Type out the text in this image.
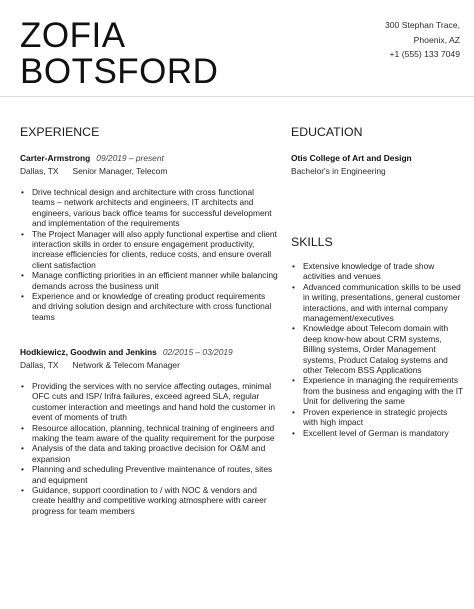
ZOFIA
BOTSFORD
300 Stephan Trace,
Phoenix, AZ
+1 (555) 133 7049
EXPERIENCE
Carter-Armstrong 09/2019 – present
Dallas, TX Senior Manager, Telecom
• Drive technical design and architecture with cross functional teams – network architects and engineers, IT architects and engineers, various back office teams for successful development and implementation of the requirements
• The Project Manager will also apply functional expertise and client interaction skills in order to ensure engagement productivity, increase efficiencies for clients, reduce costs, and ensure overall client satisfaction
• Manage conflicting priorities in an efficient manner while balancing demands across the business unit
• Experience and or knowledge of creating product requirements and driving solution design and architecture with cross functional teams
Hodkiewicz, Goodwin and Jenkins 02/2015 – 03/2019
Dallas, TX Network & Telecom Manager
• Providing the services with no service affecting outages, minimal OFC cuts and ISP/ Infra failures, exceed agreed SLA, regular customer interaction and meetings and hand hold the customer in event of moments of truth
• Resource allocation, planning, technical training of engineers and making the team aware of the quality requirement for the purpose
• Analysis of the data and taking proactive decision for O&M and expansion
• Planning and scheduling Preventive maintenance of routes, sites and equipment
• Guidance, support coordination to / with NOC & vendors and create healthy and competitive working atmosphere with career progress for team members
EDUCATION
Otis College of Art and Design
Bachelor's in Engineering
SKILLS
• Extensive knowledge of trade show activities and venues
• Advanced communication skills to be used in writing, presentations, general customer interactions, and with internal company management/executives
• Knowledge about Telecom domain with deep know-how about CRM systems, Billing systems, Order Management systems, Product Catalog systems and other Telecom BSS Applications
• Experience in managing the requirements from the business and engaging with the IT Unit for delivering the same
• Proven experience in strategic projects with high impact
• Excellent level of German is mandatory
